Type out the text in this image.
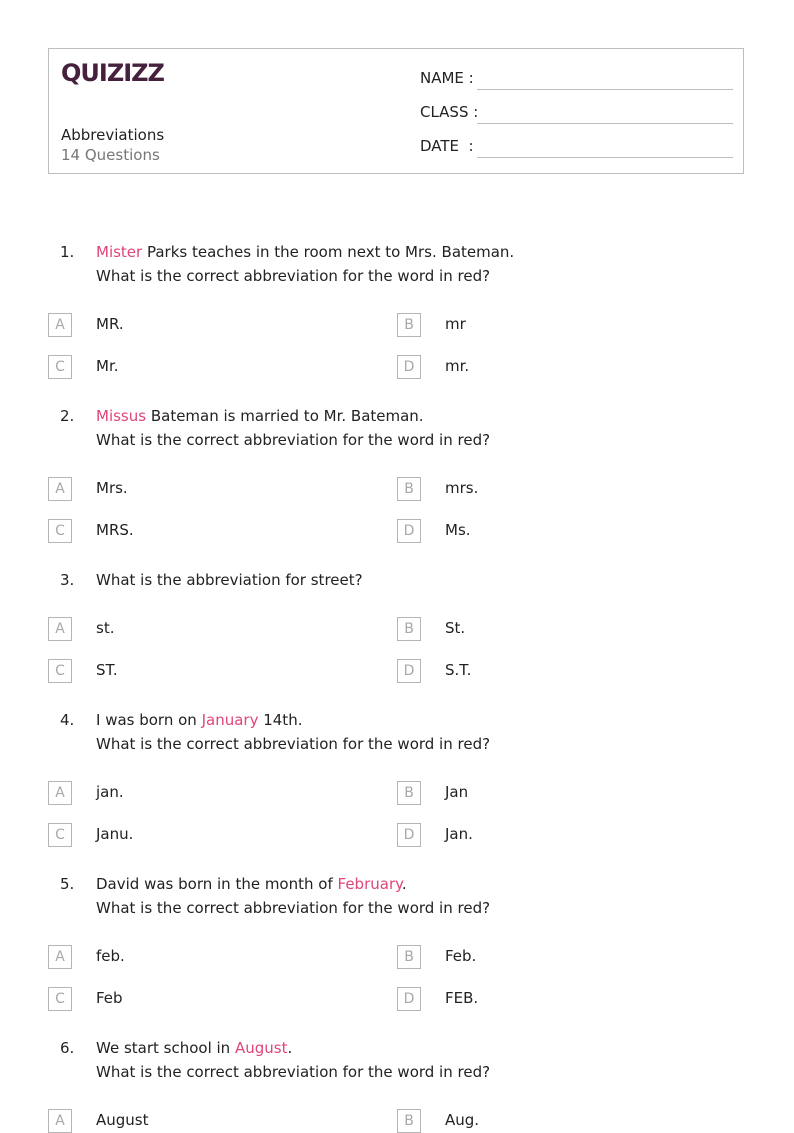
QUIZIZZ
Abbreviations
14 Questions
NAME :
CLASS :
DATE  :
1. Mister Parks teaches in the room next to Mrs. Bateman.
What is the correct abbreviation for the word in red?
A	MR.	B	mr
C	Mr.	D	mr.
2. Missus Bateman is married to Mr. Bateman.
What is the correct abbreviation for the word in red?
A	Mrs.	B	mrs.
C	MRS.	D	Ms.
3. What is the abbreviation for street?
A	st.	B	St.
C	ST.	D	S.T.
4. I was born on January 14th.
What is the correct abbreviation for the word in red?
A	jan.	B	Jan
C	Janu.	D	Jan.
5. David was born in the month of February.
What is the correct abbreviation for the word in red?
A	feb.	B	Feb.
C	Feb	D	FEB.
6. We start school in August.
What is the correct abbreviation for the word in red?
A	August	B	Aug.
